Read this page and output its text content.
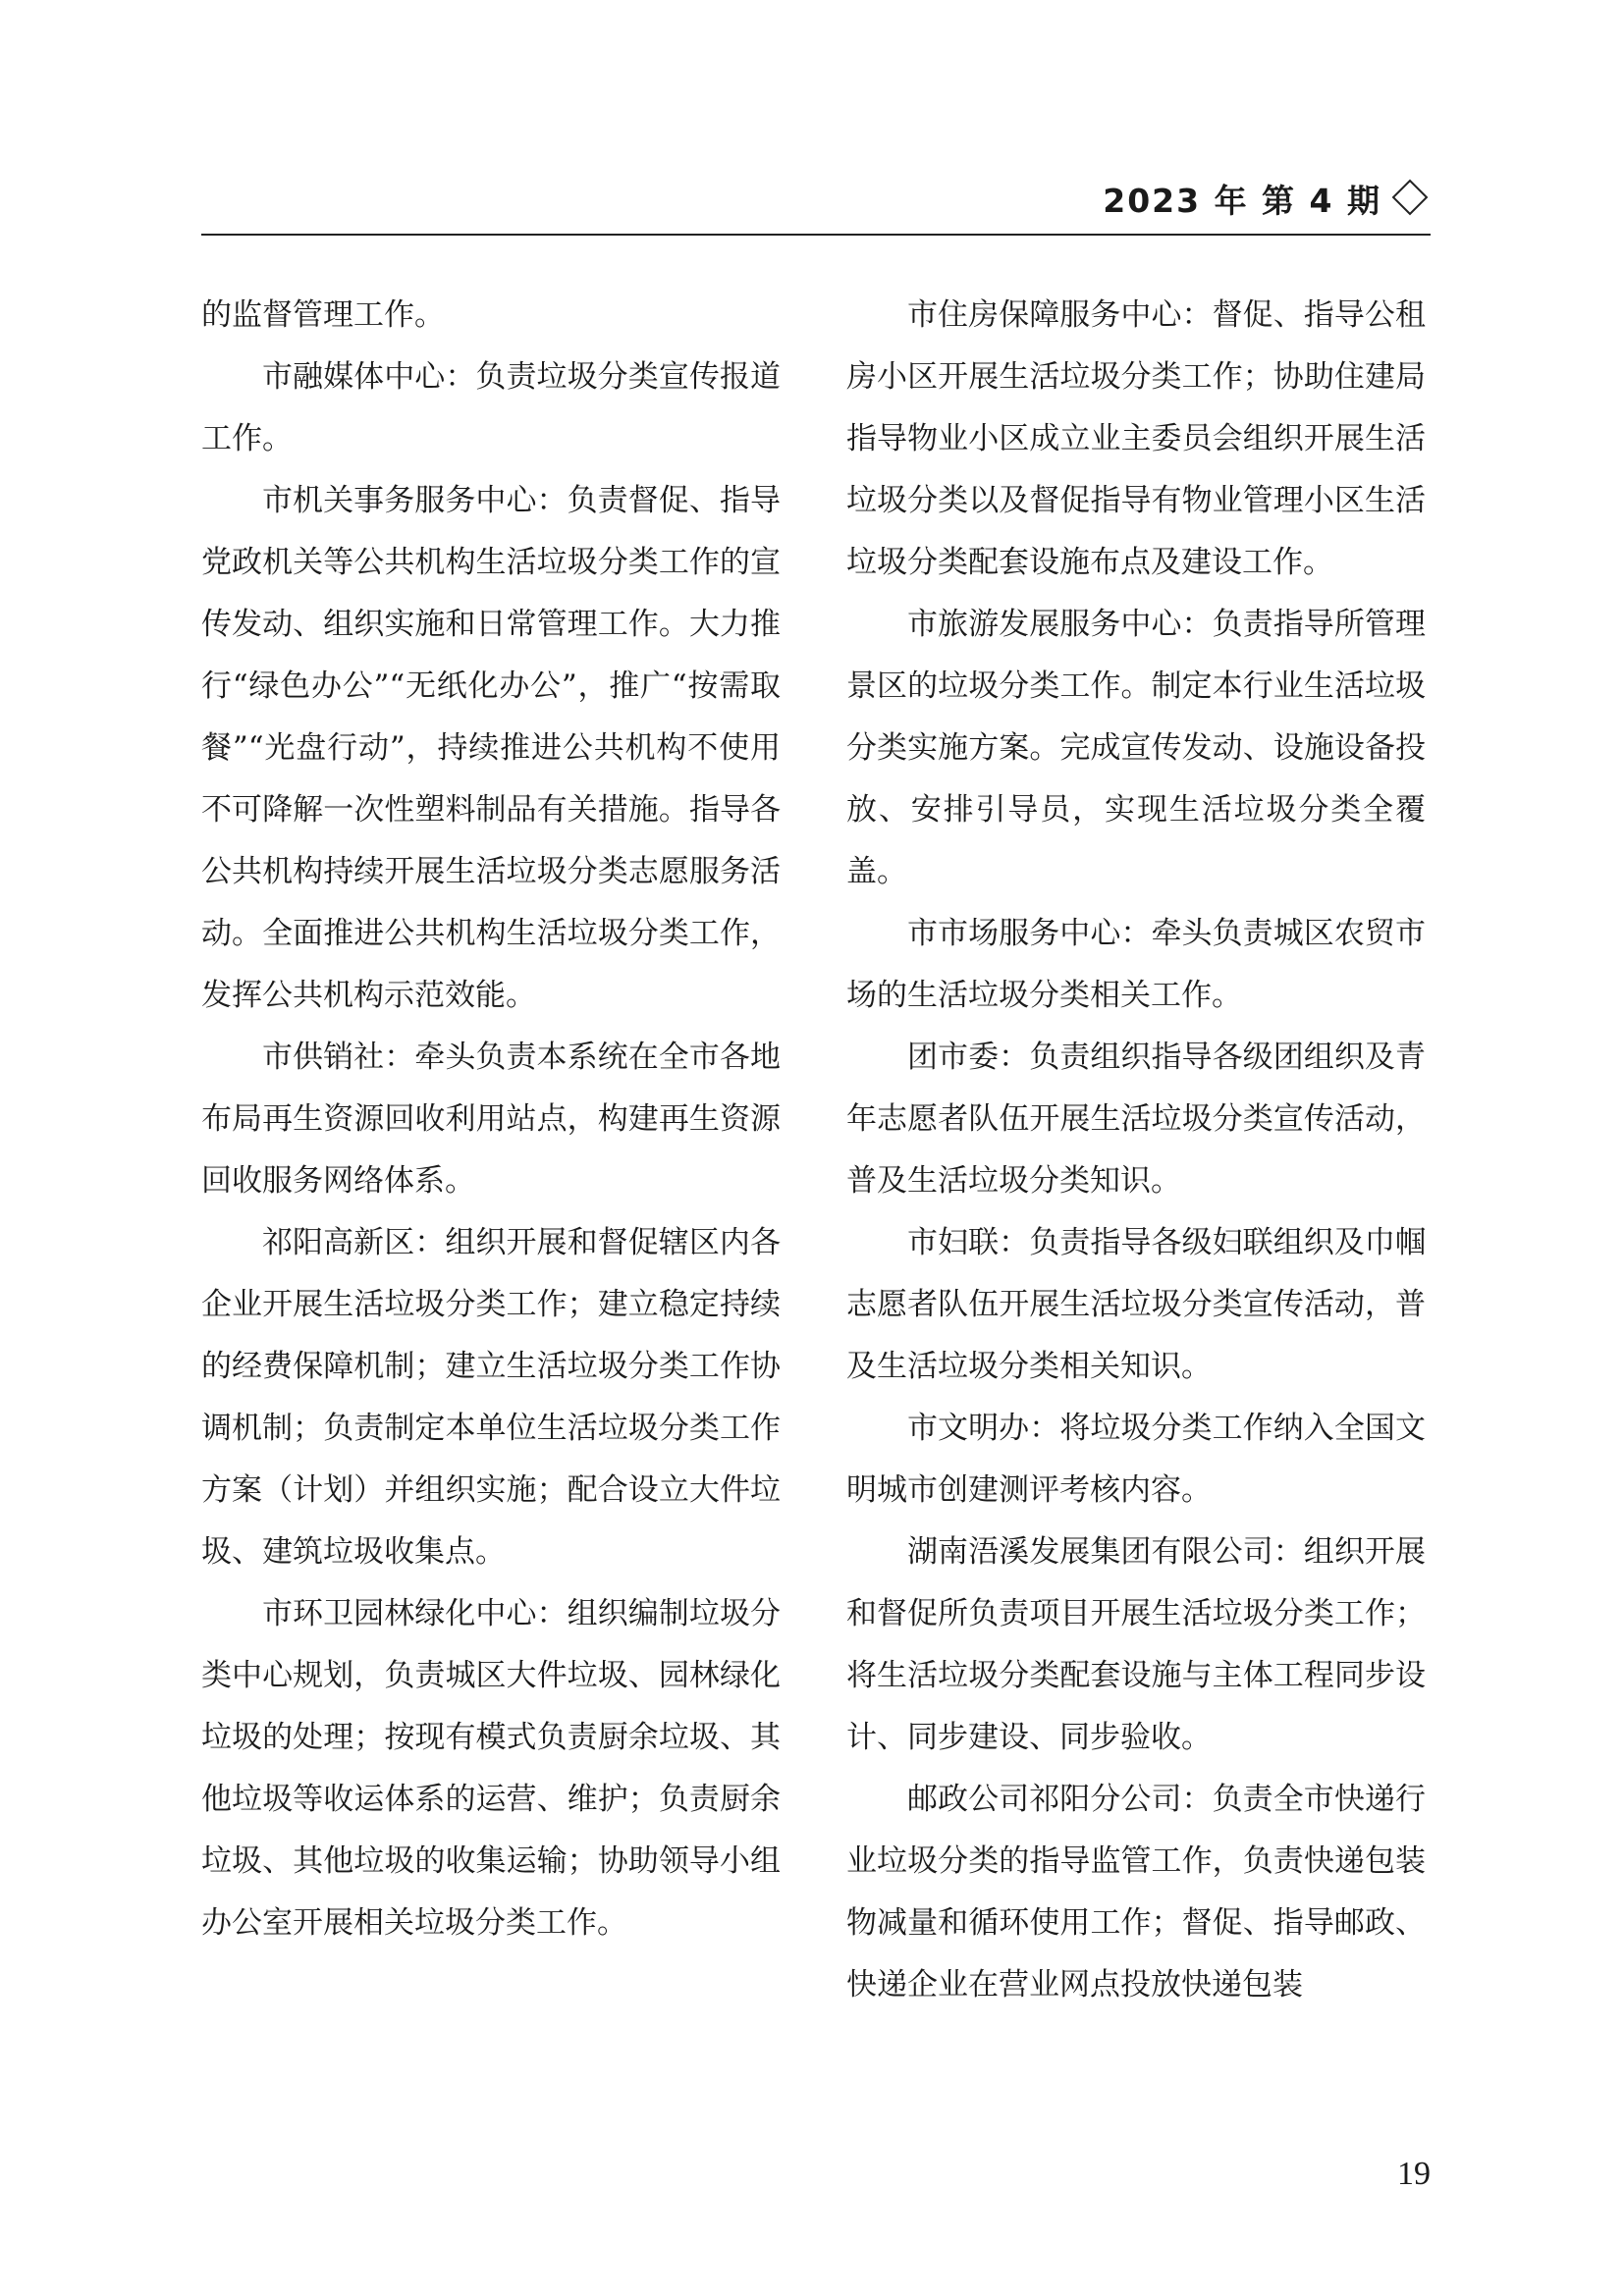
2023 年 第 4 期

的监督管理工作。

市融媒体中心：负责垃圾分类宣传报道工作。

市机关事务服务中心：负责督促、指导党政机关等公共机构生活垃圾分类工作的宣传发动、组织实施和日常管理工作。大力推行“绿色办公”“无纸化办公”，推广“按需取餐”“光盘行动”，持续推进公共机构不使用不可降解一次性塑料制品有关措施。指导各公共机构持续开展生活垃圾分类志愿服务活动。全面推进公共机构生活垃圾分类工作，发挥公共机构示范效能。

市供销社：牵头负责本系统在全市各地布局再生资源回收利用站点，构建再生资源回收服务网络体系。

祁阳高新区：组织开展和督促辖区内各企业开展生活垃圾分类工作；建立稳定持续的经费保障机制；建立生活垃圾分类工作协调机制；负责制定本单位生活垃圾分类工作方案（计划）并组织实施；配合设立大件垃圾、建筑垃圾收集点。

市环卫园林绿化中心：组织编制垃圾分类中心规划，负责城区大件垃圾、园林绿化垃圾的处理；按现有模式负责厨余垃圾、其他垃圾等收运体系的运营、维护；负责厨余垃圾、其他垃圾的收集运输；协助领导小组办公室开展相关垃圾分类工作。

市住房保障服务中心：督促、指导公租房小区开展生活垃圾分类工作；协助住建局指导物业小区成立业主委员会组织开展生活垃圾分类以及督促指导有物业管理小区生活垃圾分类配套设施布点及建设工作。

市旅游发展服务中心：负责指导所管理景区的垃圾分类工作。制定本行业生活垃圾分类实施方案。完成宣传发动、设施设备投放、安排引导员，实现生活垃圾分类全覆盖。

市市场服务中心：牵头负责城区农贸市场的生活垃圾分类相关工作。

团市委：负责组织指导各级团组织及青年志愿者队伍开展生活垃圾分类宣传活动，普及生活垃圾分类知识。

市妇联：负责指导各级妇联组织及巾帼志愿者队伍开展生活垃圾分类宣传活动，普及生活垃圾分类相关知识。

市文明办：将垃圾分类工作纳入全国文明城市创建测评考核内容。

湖南浯溪发展集团有限公司：组织开展和督促所负责项目开展生活垃圾分类工作；将生活垃圾分类配套设施与主体工程同步设计、同步建设、同步验收。

邮政公司祁阳分公司：负责全市快递行业垃圾分类的指导监管工作，负责快递包装物减量和循环使用工作；督促、指导邮政、快递企业在营业网点投放快递包装

19
